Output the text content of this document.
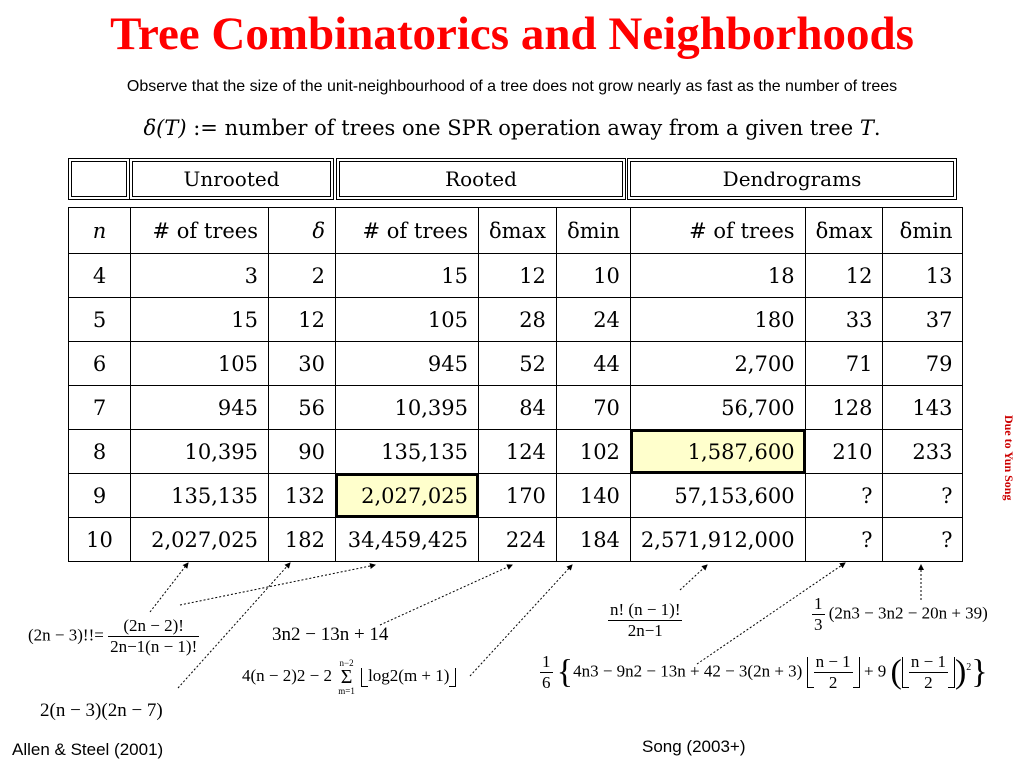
Tree Combinatorics and Neighborhoods
Observe that the size of the unit-neighbourhood of a tree does not grow nearly as fast as the number of trees
δ(T) := number of trees one SPR operation away from a given tree T.
Unrooted	Rooted	Dendrograms
n	# of trees	δ	# of trees	δmax	δmin	# of trees	δmax	δmin
4	3	2	15	12	10	18	12	13
5	15	12	105	28	24	180	33	37
6	105	30	945	52	44	2,700	71	79
7	945	56	10,395	84	70	56,700	128	143
8	10,395	90	135,135	124	102	1,587,600	210	233
9	135,135	132	2,027,025	170	140	57,153,600	?	?
10	2,027,025	182	34,459,425	224	184	2,571,912,000	?	?
Due to Yun Song
$(2n - 3)!!= \frac{(2n - 2)!}{2n-1(n - 1)!}$
2(n − 3)(2n − 7)
3n2 − 13n + 14
4(n − 2)2 − 2
n−2
Σ
m=1
log2(m + 1)
$\frac{n! (n - 1)!}{2n-1}$	$\frac{1}{3} (2n3 - 3n2 - 20n + 39)$
$\frac{1}{6} \{4n3 - 9n2 - 13n + 42 - 3(2n + 3) \frac{n - 1}{2} + 9$ ( $\frac{n - 1}{2} )^2$}
Allen & Steel (2001)	Song (2003+)
